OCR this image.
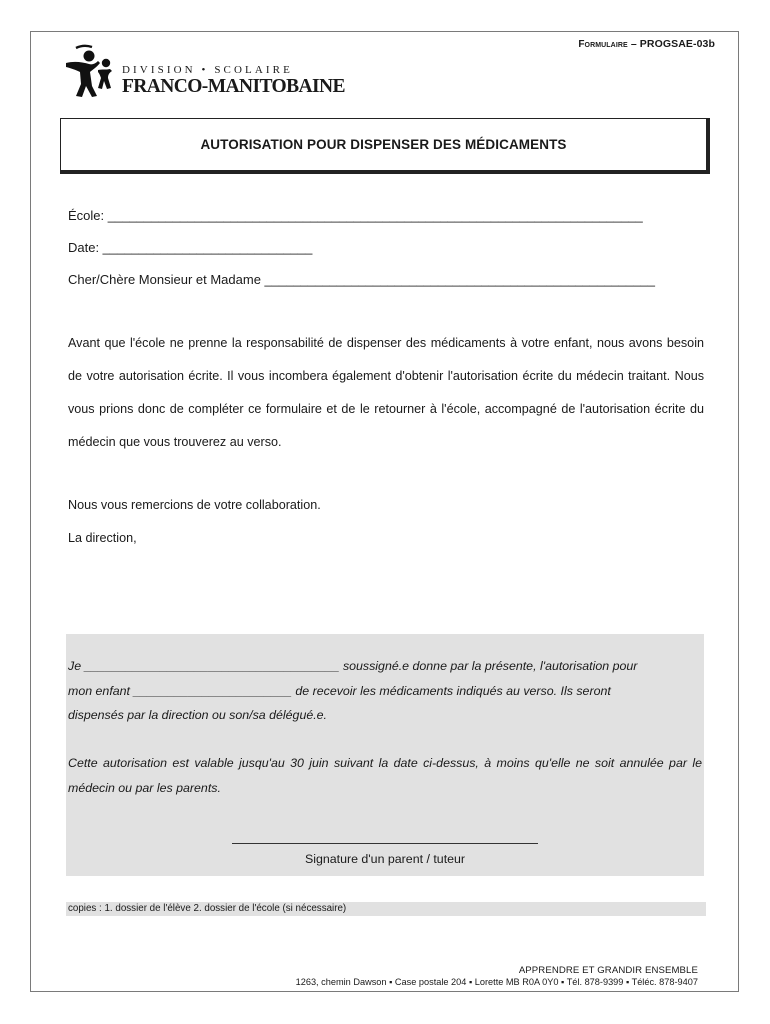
Formulaire – PROGSAE-03b
DIVISION • SCOLAIRE
FRANCO-MANITOBAINE
AUTORISATION POUR DISPENSER DES MÉDICAMENTS
École: __________________________________________________________________________
Date: _____________________________
Cher/Chère Monsieur et Madame ______________________________________________________
Avant que l'école ne prenne la responsabilité de dispenser des médicaments à votre enfant, nous avons besoin de votre autorisation écrite. Il vous incombera également d'obtenir l'autorisation écrite du médecin traitant. Nous vous prions donc de compléter ce formulaire et de le retourner à l'école, accompagné de l'autorisation écrite du médecin que vous trouverez au verso.
Nous vous remercions de votre collaboration.
La direction,
Je _____________________________________ soussigné.e donne par la présente, l'autorisation pour
mon enfant _______________________ de recevoir les médicaments indiqués au verso. Ils seront
dispensés par la direction ou son/sa délégué.e.
Cette autorisation est valable jusqu'au 30 juin suivant la date ci-dessus, à moins qu'elle ne soit annulée par le médecin ou par les parents.
Signature d'un parent / tuteur
copies : 1. dossier de l'élève 2. dossier de l'école (si nécessaire)
APPRENDRE ET GRANDIR ENSEMBLE
1263, chemin Dawson ▪ Case postale 204 ▪ Lorette MB R0A 0Y0 ▪ Tél. 878-9399 ▪ Téléc. 878-9407
